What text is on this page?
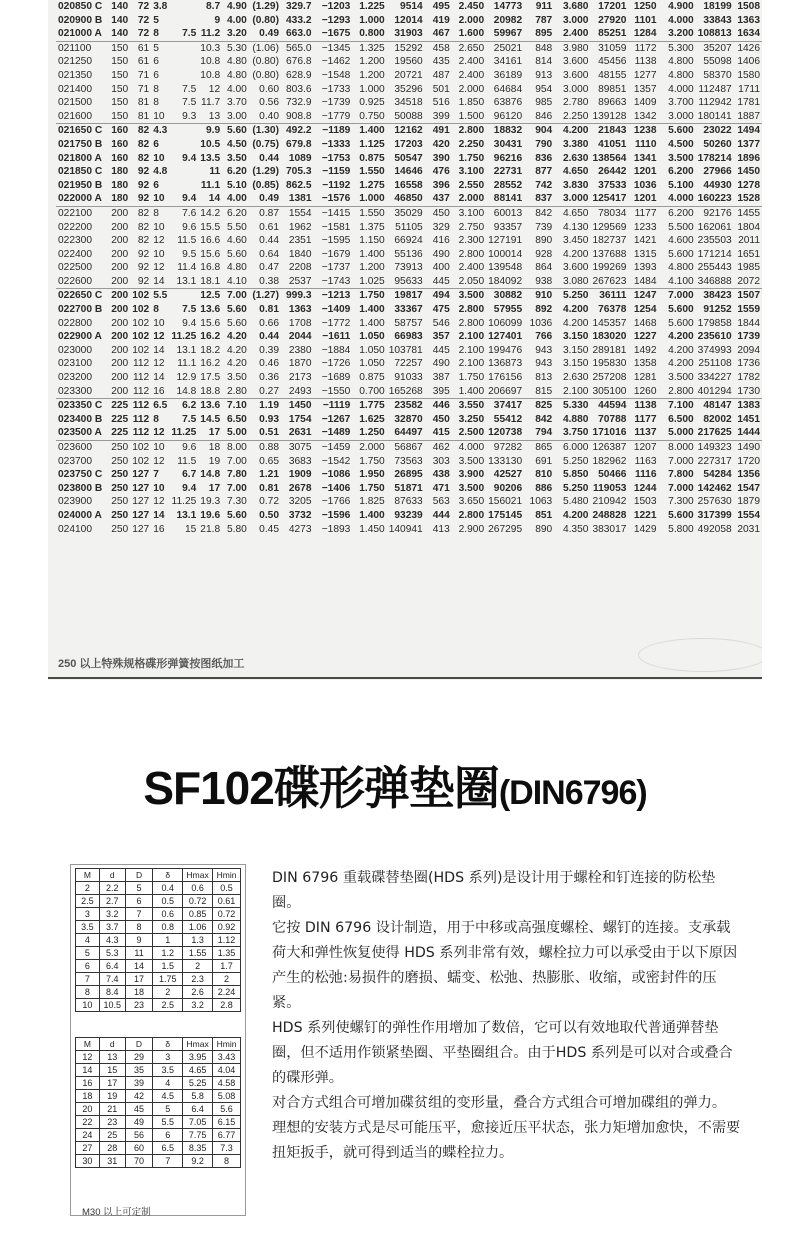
020850 C	140	72	3.8		8.7	4.90	(1.29)	329.7	−1203	1.225	9514	495	2.450	14773	911	3.680	17201	1250	4.900	18199	1508
020900 B	140	72	5		9	4.00	(0.80)	433.2	−1293	1.000	12014	419	2.000	20982	787	3.000	27920	1101	4.000	33843	1363
021000 A	140	72	8	7.5	11.2	3.20	0.49	663.0	−1675	0.800	31903	467	1.600	59967	895	2.400	85251	1284	3.200	108813	1634
021100	150	61	5		10.3	5.30	(1.06)	565.0	−1345	1.325	15292	458	2.650	25021	848	3.980	31059	1172	5.300	35207	1426
021250	150	61	6		10.8	4.80	(0.80)	676.8	−1462	1.200	19560	435	2.400	34161	814	3.600	45456	1138	4.800	55098	1406
021350	150	71	6		10.8	4.80	(0.80)	628.9	−1548	1.200	20721	487	2.400	36189	913	3.600	48155	1277	4.800	58370	1580
021400	150	71	8	7.5	12	4.00	0.60	803.6	−1733	1.000	35296	501	2.000	64684	954	3.000	89851	1357	4.000	112487	1711
021500	150	81	8	7.5	11.7	3.70	0.56	732.9	−1739	0.925	34518	516	1.850	63876	985	2.780	89663	1409	3.700	112942	1781
021600	150	81	10	9.3	13	3.00	0.40	908.8	−1779	0.750	50088	399	1.500	96120	846	2.250	139128	1342	3.000	180141	1887
021650 C	160	82	4.3		9.9	5.60	(1.30)	492.2	−1189	1.400	12162	491	2.800	18832	904	4.200	21843	1238	5.600	23022	1494
021750 B	160	82	6		10.5	4.50	(0.75)	679.8	−1333	1.125	17203	420	2.250	30431	790	3.380	41051	1110	4.500	50260	1377
021800 A	160	82	10	9.4	13.5	3.50	0.44	1089	−1753	0.875	50547	390	1.750	96216	836	2.630	138564	1341	3.500	178214	1896
021850 C	180	92	4.8		11	6.20	(1.29)	705.3	−1159	1.550	14646	476	3.100	22731	877	4.650	26442	1201	6.200	27966	1450
021950 B	180	92	6		11.1	5.10	(0.85)	862.5	−1192	1.275	16558	396	2.550	28552	742	3.830	37533	1036	5.100	44930	1278
022000 A	180	92	10	9.4	14	4.00	0.49	1381	−1576	1.000	46850	437	2.000	88141	837	3.000	125417	1201	4.000	160223	1528
022100	200	82	8	7.6	14.2	6.20	0.87	1554	−1415	1.550	35029	450	3.100	60013	842	4.650	78034	1177	6.200	92176	1455
022200	200	82	10	9.6	15.5	5.50	0.61	1962	−1581	1.375	51105	329	2.750	93357	739	4.130	129569	1233	5.500	162061	1804
022300	200	82	12	11.5	16.6	4.60	0.44	2351	−1595	1.150	66924	416	2.300	127191	890	3.450	182737	1421	4.600	235503	2011
022400	200	92	10	9.5	15.6	5.60	0.64	1840	−1679	1.400	55136	490	2.800	100014	928	4.200	137688	1315	5.600	171214	1651
022500	200	92	12	11.4	16.8	4.80	0.47	2208	−1737	1.200	73913	400	2.400	139548	864	3.600	199269	1393	4.800	255443	1985
022600	200	92	14	13.1	18.1	4.10	0.38	2537	−1743	1.025	95633	445	2.050	184092	938	3.080	267623	1484	4.100	346888	2072
022650 C	200	102	5.5		12.5	7.00	(1.27)	999.3	−1213	1.750	19817	494	3.500	30882	910	5.250	36111	1247	7.000	38423	1507
022700 B	200	102	8	7.5	13.6	5.60	0.81	1363	−1409	1.400	33367	475	2.800	57955	892	4.200	76378	1254	5.600	91252	1559
022800	200	102	10	9.4	15.6	5.60	0.66	1708	−1772	1.400	58757	546	2.800	106099	1036	4.200	145357	1468	5.600	179858	1844
022900 A	200	102	12	11.25	16.2	4.20	0.44	2044	−1611	1.050	66983	357	2.100	127401	766	3.150	183020	1227	4.200	235610	1739
023000	200	102	14	13.1	18.2	4.20	0.39	2380	−1884	1.050	103781	445	2.100	199476	943	3.150	289181	1492	4.200	374993	2094
023100	200	112	12	11.1	16.2	4.20	0.46	1870	−1726	1.050	72257	490	2.100	136873	943	3.150	195830	1358	4.200	251108	1736
023200	200	112	14	12.9	17.5	3.50	0.36	2173	−1689	0.875	91033	387	1.750	176156	813	2.630	257208	1281	3.500	334227	1782
023300	200	112	16	14.8	18.8	2.80	0.27	2493	−1550	0.700	165268	395	1.400	206697	815	2.100	305100	1260	2.800	401294	1730
023350 C	225	112	6.5	6.2	13.6	7.10	1.19	1450	−1119	1.775	23582	446	3.550	37417	825	5.330	44594	1138	7.100	48147	1383
023400 B	225	112	8	7.5	14.5	6.50	0.93	1754	−1267	1.625	32870	450	3.250	55412	842	4.880	70788	1177	6.500	82002	1451
023500 A	225	112	12	11.25	17	5.00	0.51	2631	−1489	1.250	64497	415	2.500	120738	794	3.750	171016	1137	5.000	217625	1444
023600	250	102	10	9.6	18	8.00	0.88	3075	−1459	2.000	56867	462	4.000	97282	865	6.000	126387	1207	8.000	149323	1490
023700	250	102	12	11.5	19	7.00	0.65	3683	−1542	1.750	73563	303	3.500	133130	691	5.250	182962	1163	7.000	227317	1720
023750 C	250	127	7	6.7	14.8	7.80	1.21	1909	−1086	1.950	26895	438	3.900	42527	810	5.850	50466	1116	7.800	54284	1356
023800 B	250	127	10	9.4	17	7.00	0.81	2678	−1406	1.750	51871	471	3.500	90206	886	5.250	119053	1244	7.000	142462	1547
023900	250	127	12	11.25	19.3	7.30	0.72	3205	−1766	1.825	87633	563	3.650	156021	1063	5.480	210942	1503	7.300	257630	1879
024000 A	250	127	14	13.1	19.6	5.60	0.50	3732	−1596	1.400	93239	444	2.800	175145	851	4.200	248828	1221	5.600	317399	1554
024100	250	127	16	15	21.8	5.80	0.45	4273	−1893	1.450	140941	413	2.900	267295	890	4.350	383017	1429	5.800	492058	2031
250 以上特殊规格碟形弹簧按图纸加工
SF102碟形弹垫圈(DIN6796)
M	d	D	δ	Hmax	Hmin
2	2.2	5	0.4	0.6	0.5
2.5	2.7	6	0.5	0.72	0.61
3	3.2	7	0.6	0.85	0.72
3.5	3.7	8	0.8	1.06	0.92
4	4.3	9	1	1.3	1.12
5	5.3	11	1.2	1.55	1.35
6	6.4	14	1.5	2	1.7
7	7.4	17	1.75	2.3	2
8	8.4	18	2	2.6	2.24
10	10.5	23	2.5	3.2	2.8
M	d	D	δ	Hmax	Hmin
12	13	29	3	3.95	3.43
14	15	35	3.5	4.65	4.04
16	17	39	4	5.25	4.58
18	19	42	4.5	5.8	5.08
20	21	45	5	6.4	5.6
22	23	49	5.5	7.05	6.15
24	25	56	6	7.75	6.77
27	28	60	6.5	8.35	7.3
30	31	70	7	9.2	8
M30 以上可定制

DIN 6796 重载碟替垫圈(HDS 系列)是设计用于螺栓和钉连接的防松垫圈。

它按 DIN 6796 设计制造，用于中移或高强度螺栓、螺钉的连接。支承载荷大和弹性恢复使得 HDS 系列非常有效，螺栓拉力可以承受由于以下原因产生的松弛:易损件的磨损、蠕变、松弛、热膨胀、收缩，或密封件的压紧。

HDS 系列使螺钉的弹性作用增加了数倍，它可以有效地取代普通弹替垫圈，但不适用作锁紧垫圈、平垫圈组合。由于HDS 系列是可以对合或叠合的碟形弹。

对合方式组合可增加碟贫组的变形量，叠合方式组合可增加碟组的弹力。

理想的安装方式是尽可能压平，愈接近压平状态，张力矩增加愈快，不需要扭矩扳手，就可得到适当的蝶栓拉力。
